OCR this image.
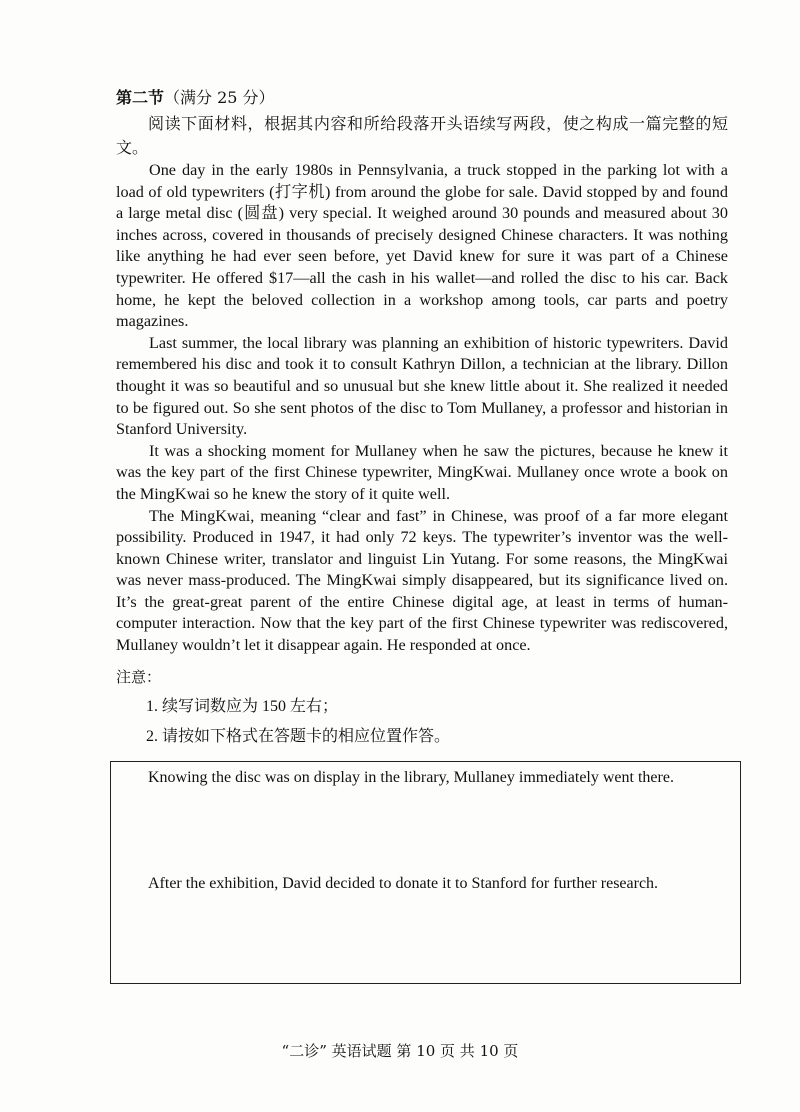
第二节（满分 25 分）

阅读下面材料，根据其内容和所给段落开头语续写两段，使之构成一篇完整的短文。

One day in the early 1980s in Pennsylvania, a truck stopped in the parking lot with a load of old typewriters (打字机) from around the globe for sale. David stopped by and found a large metal disc (圆盘) very special. It weighed around 30 pounds and measured about 30 inches across, covered in thousands of precisely designed Chinese characters. It was nothing like anything he had ever seen before, yet David knew for sure it was part of a Chinese typewriter. He offered $17—all the cash in his wallet—and rolled the disc to his car. Back home, he kept the beloved collection in a workshop among tools, car parts and poetry magazines.

Last summer, the local library was planning an exhibition of historic typewriters. David remembered his disc and took it to consult Kathryn Dillon, a technician at the library. Dillon thought it was so beautiful and so unusual but she knew little about it. She realized it needed to be figured out. So she sent photos of the disc to Tom Mullaney, a professor and historian in Stanford University.

It was a shocking moment for Mullaney when he saw the pictures, because he knew it was the key part of the first Chinese typewriter, MingKwai. Mullaney once wrote a book on the MingKwai so he knew the story of it quite well.

The MingKwai, meaning “clear and fast” in Chinese, was proof of a far more elegant possibility. Produced in 1947, it had only 72 keys. The typewriter’s inventor was the well-known Chinese writer, translator and linguist Lin Yutang. For some reasons, the MingKwai was never mass-produced. The MingKwai simply disappeared, but its significance lived on. It’s the great-great parent of the entire Chinese digital age, at least in terms of human-computer interaction. Now that the key part of the first Chinese typewriter was rediscovered, Mullaney wouldn’t let it disappear again. He responded at once.

注意：

1. 续写词数应为 150 左右；

2. 请按如下格式在答题卡的相应位置作答。

Knowing the disc was on display in the library, Mullaney immediately went there.
After the exhibition, David decided to donate it to Stanford for further research.
“二诊” 英语试题 第 10 页 共 10 页
